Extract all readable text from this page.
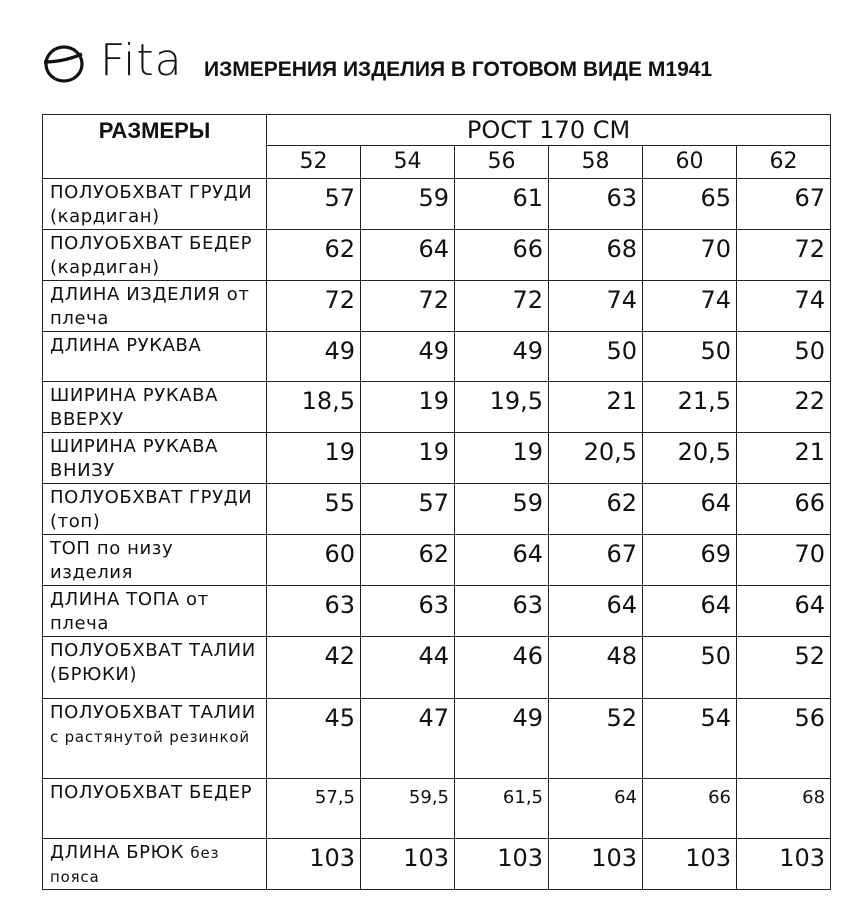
Fita ИЗМЕРЕНИЯ ИЗДЕЛИЯ В ГОТОВОМ ВИДЕ М1941
РАЗМЕРЫ	РОСТ 170 СМ					
	52	54	56	58	60	62
ПОЛУОБХВАТ ГРУДИ (кардиган)	57	59	61	63	65	67
ПОЛУОБХВАТ БЕДЕР (кардиган)	62	64	66	68	70	72
ДЛИНА ИЗДЕЛИЯ от плеча	72	72	72	74	74	74
ДЛИНА РУКАВА	49	49	49	50	50	50
ШИРИНА РУКАВА ВВЕРХУ	18,5	19	19,5	21	21,5	22
ШИРИНА РУКАВА ВНИЗУ	19	19	19	20,5	20,5	21
ПОЛУОБХВАТ ГРУДИ (топ)	55	57	59	62	64	66
ТОП по низу изделия	60	62	64	67	69	70
ДЛИНА ТОПА от плеча	63	63	63	64	64	64
ПОЛУОБХВАТ ТАЛИИ (БРЮКИ)	42	44	46	48	50	52
ПОЛУОБХВАТ ТАЛИИ с растянутой резинкой	45	47	49	52	54	56
ПОЛУОБХВАТ БЕДЕР	57,5	59,5	61,5	64	66	68
ДЛИНА БРЮК без пояса	103	103	103	103	103	103
